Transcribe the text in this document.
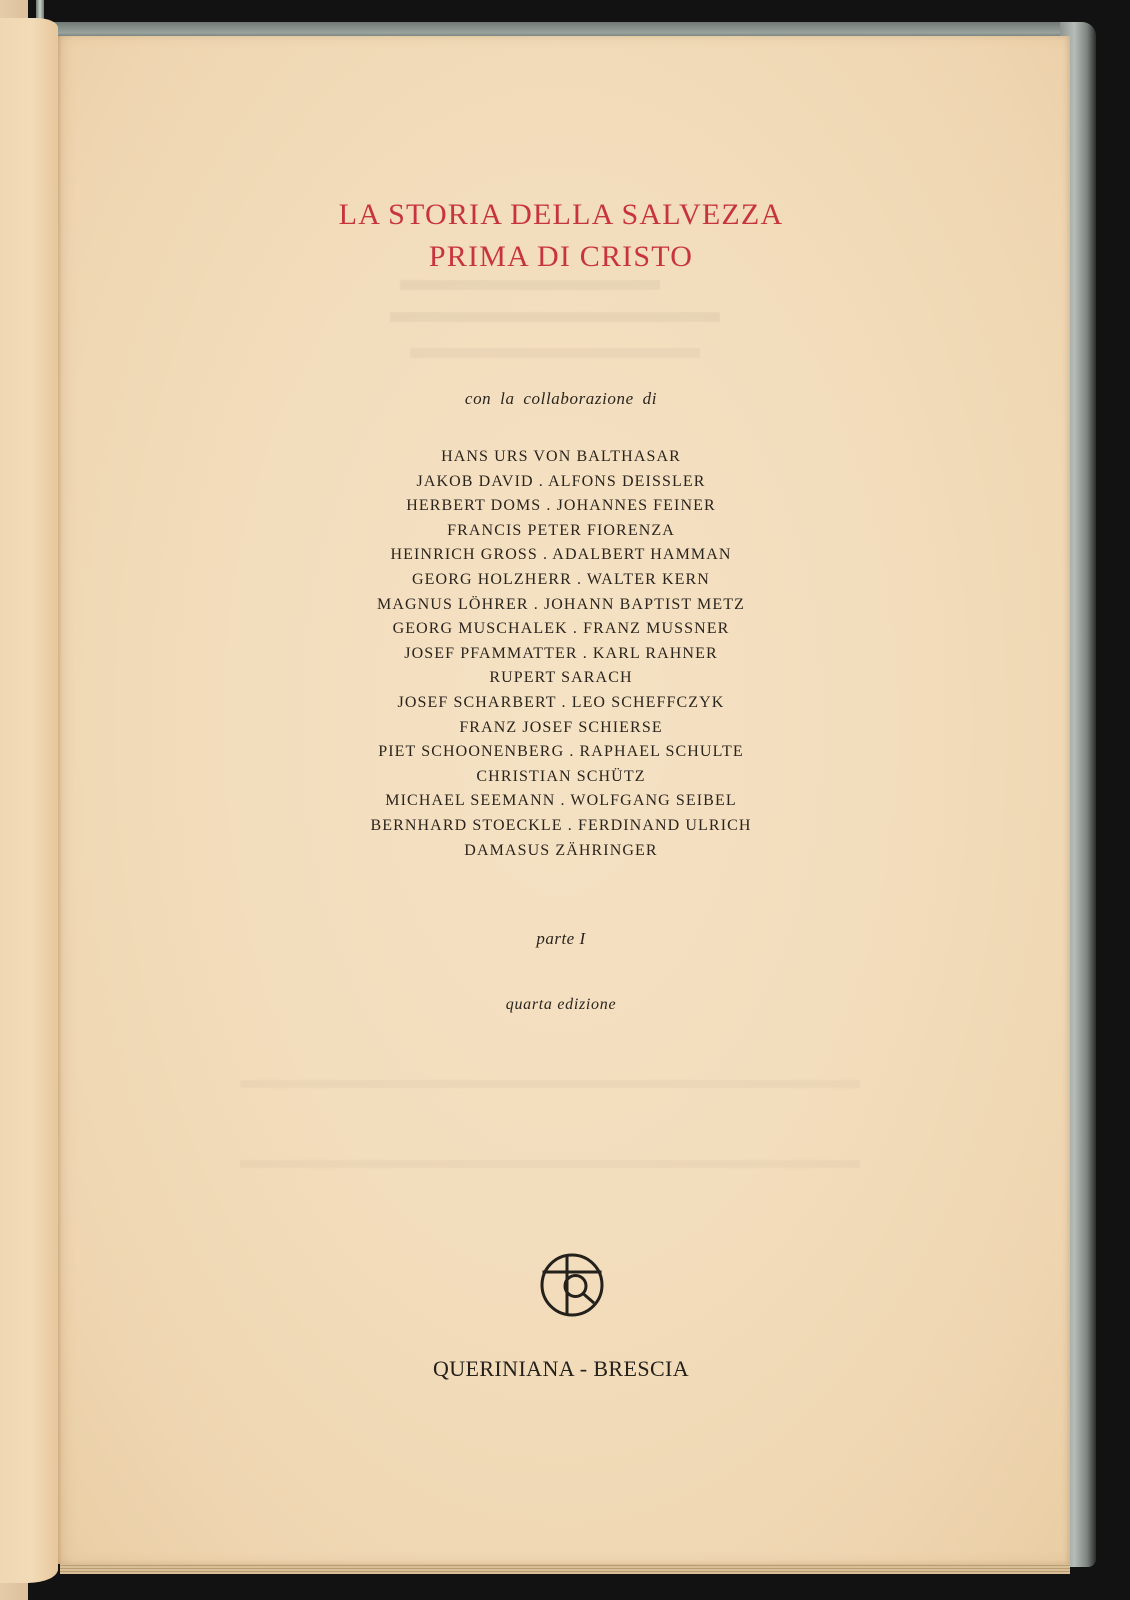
LA STORIA DELLA SALVEZZA
PRIMA DI CRISTO
con la collaborazione di
HANS URS VON BALTHASAR
JAKOB DAVID . ALFONS DEISSLER
HERBERT DOMS . JOHANNES FEINER
FRANCIS PETER FIORENZA
HEINRICH GROSS . ADALBERT HAMMAN
GEORG HOLZHERR . WALTER KERN
MAGNUS LÖHRER . JOHANN BAPTIST METZ
GEORG MUSCHALEK . FRANZ MUSSNER
JOSEF PFAMMATTER . KARL RAHNER
RUPERT SARACH
JOSEF SCHARBERT . LEO SCHEFFCZYK
FRANZ JOSEF SCHIERSE
PIET SCHOONENBERG . RAPHAEL SCHULTE
CHRISTIAN SCHÜTZ
MICHAEL SEEMANN . WOLFGANG SEIBEL
BERNHARD STOECKLE . FERDINAND ULRICH
DAMASUS ZÄHRINGER
parte I
quarta edizione
QUERINIANA - BRESCIA
